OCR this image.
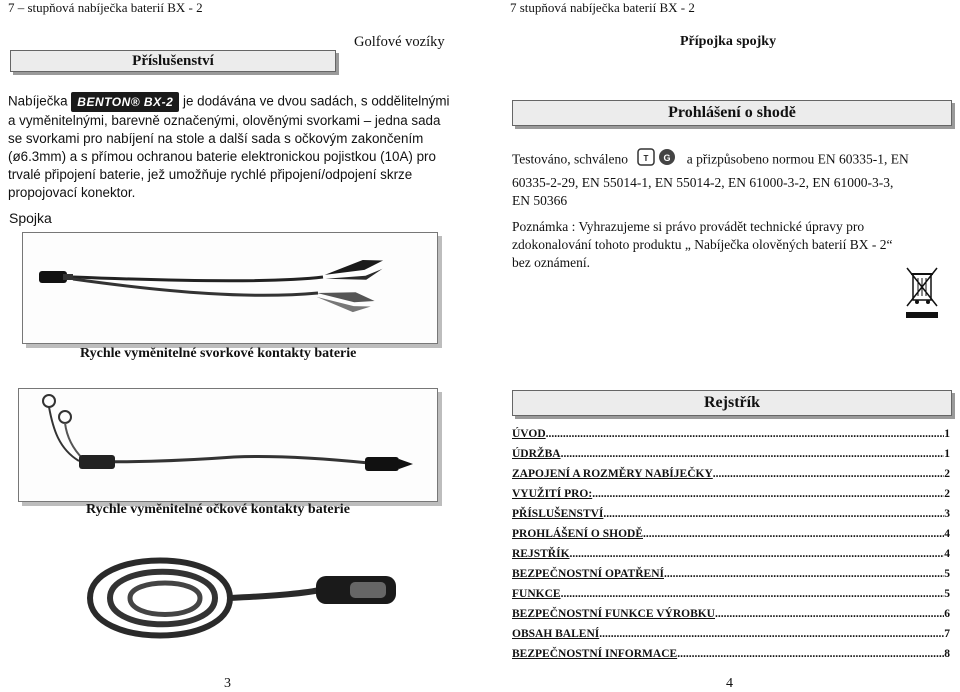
7 – stupňová nabíječka baterií BX - 2
Golfové vozíky
Příslušenství
Nabíječka BENTON® BX-2 je dodávána ve dvou sadách, s oddělitelnými
a vyměnitelnými, barevně označenými, olověnými svorkami – jedna sada
se svorkami pro nabíjení na stole a další sada s očkovým zakončením
(ø6.3mm) a s přímou ochranou baterie elektronickou pojistkou (10A) pro
trvalé připojení baterie, jež umožňuje rychlé připojení/odpojení skrze
propojovací konektor.
Spojka
Rychle vyměnitelné svorkové kontakty baterie
Rychle vyměnitelné očkové kontakty baterie
3
7 stupňová nabíječka baterií BX - 2
Přípojka spojky
Prohlášení o shodě
Testováno, schváleno T G a přizpůsobeno normou EN 60335-1, EN
60335-2-29, EN 55014-1, EN 55014-2, EN 61000-3-2, EN 61000-3-3,
EN 50366
Poznámka : Vyhrazujeme si právo provádět technické úpravy pro
zdokonalování tohoto produktu „ Nabíječka olověných baterií BX - 2“
bez oznámení.
Rejstřík
ÚVOD .....	1
ÚDRŽBA .....	1
ZAPOJENÍ A ROZMĚRY NABÍJEČKY .....	2
VYUŽITÍ PRO: .....	2
PŘÍSLUŠENSTVÍ .....	3
PROHLÁŠENÍ O SHODĚ .....	4
REJSTŘÍK .....	4
BEZPEČNOSTNÍ OPATŘENÍ .....	5
FUNKCE .....	5
BEZPEČNOSTNÍ FUNKCE VÝROBKU .....	6
OBSAH BALENÍ .....	7
BEZPEČNOSTNÍ INFORMACE .....	8
4
